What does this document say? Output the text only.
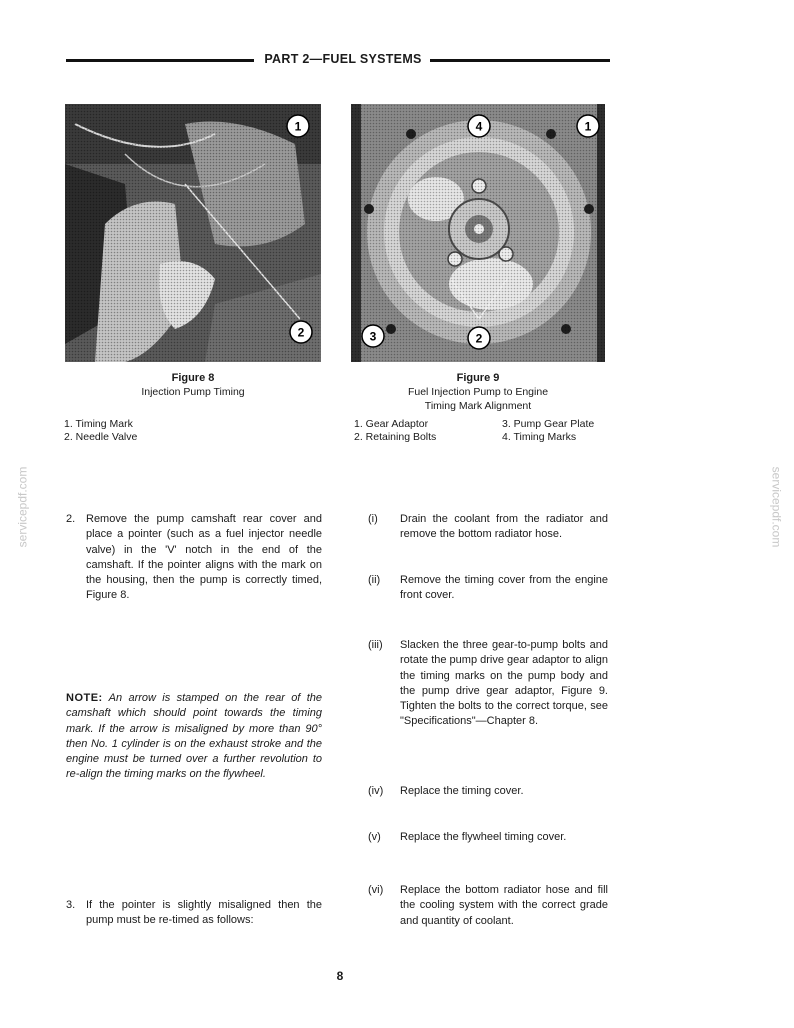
PART 2—FUEL SYSTEMS
1
2
4	1
3	2
Figure 8
Injection Pump Timing
Figure 9
Fuel Injection Pump to Engine
Timing Mark Alignment
1. Timing Mark
2. Needle Valve
1. Gear Adaptor	3. Pump Gear Plate
2. Retaining Bolts	4. Timing Marks
2. Remove the pump camshaft rear cover and place a pointer (such as a fuel injector needle valve) in the 'V' notch in the end of the camshaft. If the pointer aligns with the mark on the housing, then the pump is correctly timed, Figure 8.
NOTE: An arrow is stamped on the rear of the camshaft which should point towards the timing mark. If the arrow is misaligned by more than 90° then No. 1 cylinder is on the exhaust stroke and the engine must be turned over a further revolution to re-align the timing marks on the flywheel.
3. If the pointer is slightly misaligned then the pump must be re-timed as follows:
(i) Drain the coolant from the radiator and remove the bottom radiator hose.
(ii) Remove the timing cover from the engine front cover.
(iii) Slacken the three gear-to-pump bolts and rotate the pump drive gear adaptor to align the timing marks on the pump body and the pump drive gear adaptor, Figure 9. Tighten the bolts to the correct torque, see "Specifications"—Chapter 8.
(iv) Replace the timing cover.
(v) Replace the flywheel timing cover.
(vi) Replace the bottom radiator hose and fill the cooling system with the correct grade and quantity of coolant.
8
servicepdf.com	servicepdf.com
